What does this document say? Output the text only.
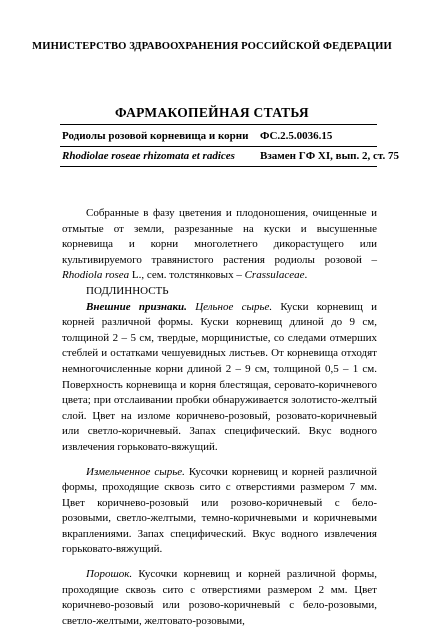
МИНИСТЕРСТВО ЗДРАВООХРАНЕНИЯ РОССИЙСКОЙ ФЕДЕРАЦИИ
ФАРМАКОПЕЙНАЯ СТАТЬЯ
Родиолы розовой корневища и корни ФС.2.5.0036.15
Rhodiolae roseae rhizomata et radices Взамен ГФ XI, вып. 2, ст. 75

Собранные в фазу цветения и плодоношения, очищенные и отмытые от земли, разрезанные на куски и высушенные корневища и корни многолетнего дикорастущего или культивируемого травянистого растения родиолы розовой – Rhodiola rosea L., сем. толстянковых – Crassulaceae.

ПОДЛИННОСТЬ

Внешние признаки. Цельное сырье. Куски корневищ и корней различной формы. Куски корневищ длиной до 9 см, толщиной 2 – 5 см, твердые, морщинистые, со следами отмерших стеблей и остатками чешуевидных листьев. От корневища отходят немногочисленные корни длиной 2 – 9 см, толщиной 0,5 – 1 см. Поверхность корневища и корня блестящая, серовато-коричневого цвета; при отслаивании пробки обнаруживается золотисто-желтый слой. Цвет на изломе коричнево-розовый, розовато-коричневый или светло-коричневый. Запах специфический. Вкус водного извлечения горьковато-вяжущий.

Измельченное сырье. Кусочки корневищ и корней различной формы, проходящие сквозь сито с отверстиями размером 7 мм. Цвет коричнево-розовый или розово-коричневый с бело-розовыми, светло-желтыми, темно-коричневыми и коричневыми вкраплениями. Запах специфический. Вкус водного извлечения горьковато-вяжущий.

Порошок. Кусочки корневищ и корней различной формы, проходящие сквозь сито с отверстиями размером 2 мм. Цвет коричнево-розовый или розово-коричневый с бело-розовыми, светло-желтыми, желтовато-розовыми,
